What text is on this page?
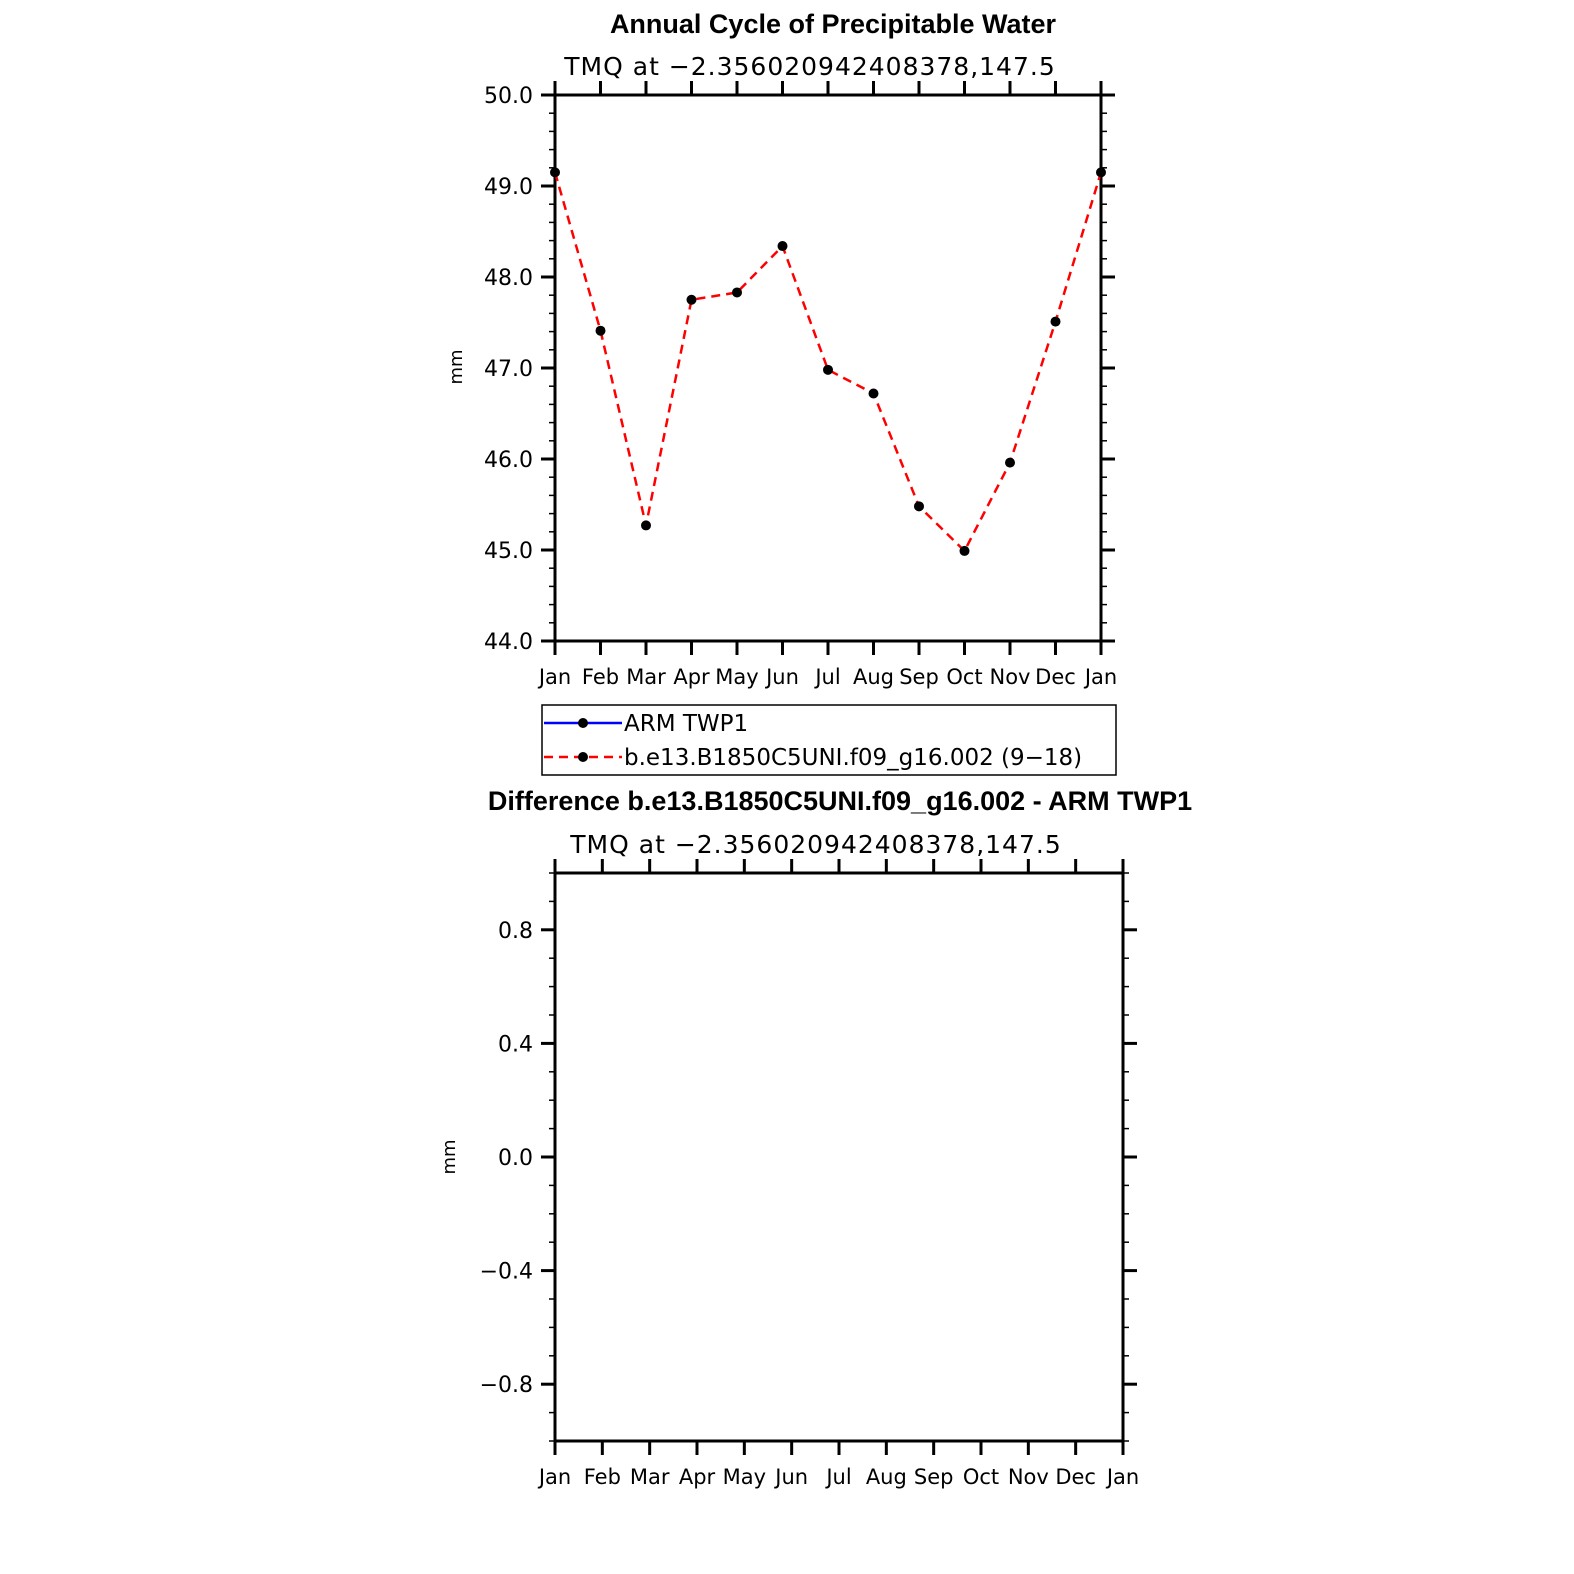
Annual Cycle of Precipitable Water
TMQ at −2.356020942408378,147.5
Jan Feb Mar Apr May Jun Jul Aug Sep Oct Nov Dec Jan
44.0
45.0
46.0
47.0
48.0
49.0
50.0
mm
ARM TWP1
b.e13.B1850C5UNI.f09_g16.002 (9−18)
Difference b.e13.B1850C5UNI.f09_g16.002 - ARM TWP1
TMQ at −2.356020942408378,147.5
Jan Feb Mar Apr May Jun Jul Aug Sep Oct Nov Dec Jan
−0.8
−0.4
0.0
0.4
0.8
mm
